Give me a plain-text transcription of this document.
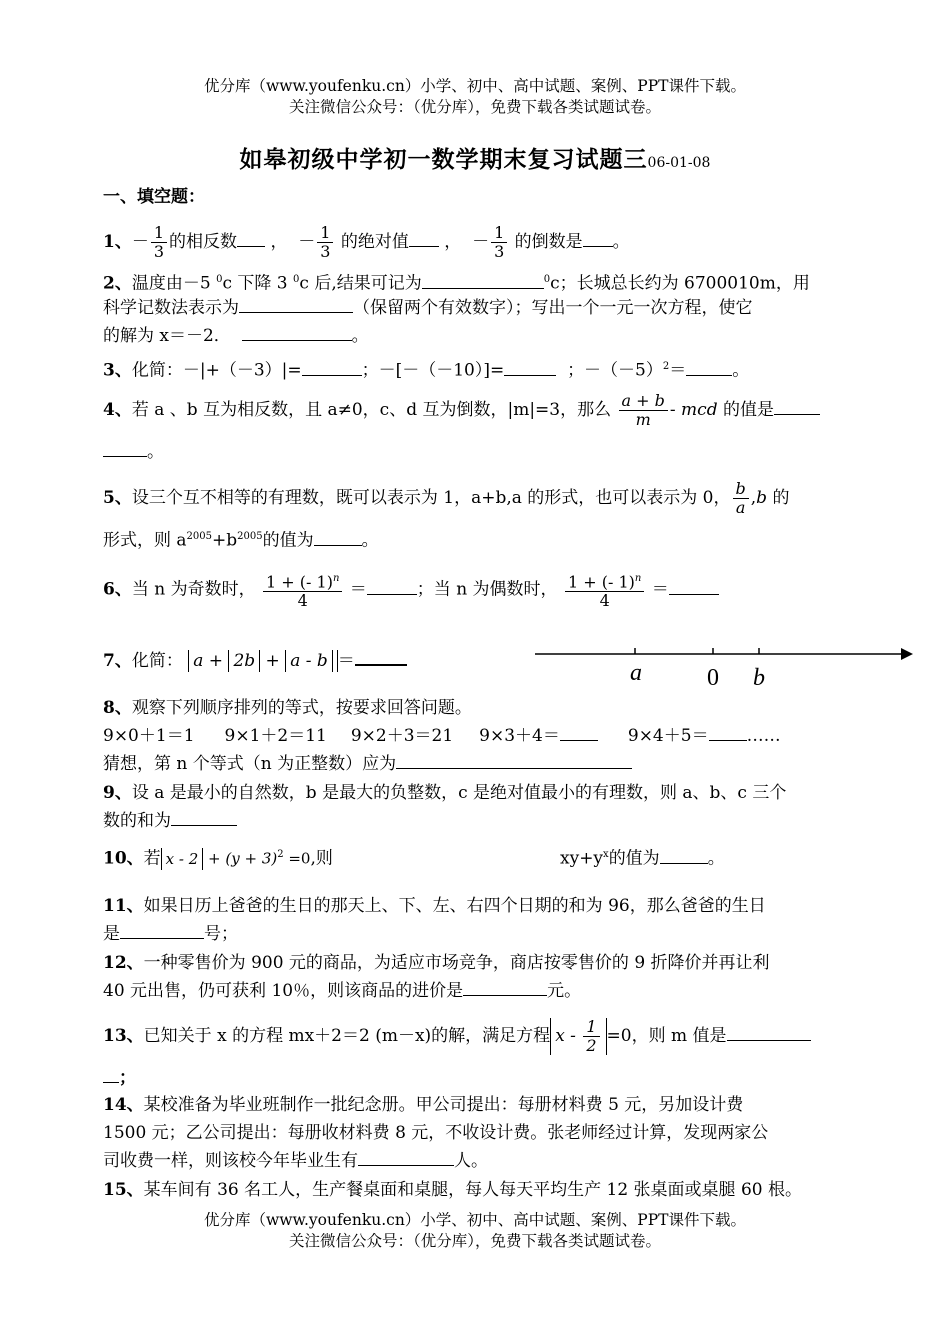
优分库（www.youfenku.cn）小学、初中、高中试题、案例、PPT课件下载。
关注微信公众号：（优分库），免费下载各类试题试卷。
如皋初级中学初一数学期末复习试题三06-01-08
一、填空题：
1、－ $\frac{1}{3}$ 的相反数 ， － $\frac{1}{3}$ 的绝对值 ， － $\frac{1}{3}$ 的倒数是 。
2、温度由－5 $^0$c 下降 3 $^0$c 后,结果可记为	$^0$c；长城总长约为 6700010m，用
科学记数法表示为	（保留两个有效数字）；写出一个一元一次方程，使它
的解为 x＝－2．	。
3、化简：－|+（－3）|=	；－[－（－10）]=	；$-(-5)^2=$	。
4、若 a 、b 互为相反数，且 a≠0，c、d 互为倒数，|m|=3，那么 $\frac{a + b}{m}$ - mcd 的值是
。
5、设三个互不相等的有理数，既可以表示为 1，a+b,a 的形式，也可以表示为 0， $\frac{b}{a} ,b$ 的
形式，则 $a^{2005}+b^{2005}$的值为	。
6、当 n 为奇数时， $\frac{1 + (- 1)^n}{4}$ ＝	；当 n 为偶数时， $\frac{1 + (- 1)^n}{4}$ ＝
7、化简： a + 2b + a - b ＝	a	0 b
8、观察下列顺序排列的等式，按要求回答问题。
9×0＋1＝1 9×1＋2＝11 9×2＋3＝21 9×3＋4＝	9×4＋5＝ ……
猜想，第 n 个等式（n 为正整数）应为
9、设 a 是最小的自然数，b 是最大的负整数，c 是绝对值最小的有理数，则 a、b、c 三个
数的和为
10、若 $x - 2 + (y + 3)^2 =0$,则	$xy+y^x$的值为	。
11、如果日历上爸爸的生日的那天上、下、左、右四个日期的和为 96，那么爸爸的生日
是	号；
12、一种零售价为 900 元的商品，为适应市场竞争，商店按零售价的 9 折降价并再让利
40 元出售，仍可获利 10％，则该商品的进价是	元。
13、已知关于 x 的方程 mx＋2＝2 (m－x)的解，满足方程 $x - \frac{1}{2} =0$，则 m 值是
；
14、某校准备为毕业班制作一批纪念册。甲公司提出：每册材料费 5 元，另加设计费
1500 元；乙公司提出：每册收材料费 8 元，不收设计费。张老师经过计算，发现两家公
司收费一样，则该校今年毕业生有	人。
15、某车间有 36 名工人，生产餐桌面和桌腿，每人每天平均生产 12 张桌面或桌腿 60 根。
优分库（www.youfenku.cn）小学、初中、高中试题、案例、PPT课件下载。
关注微信公众号：（优分库），免费下载各类试题试卷。
